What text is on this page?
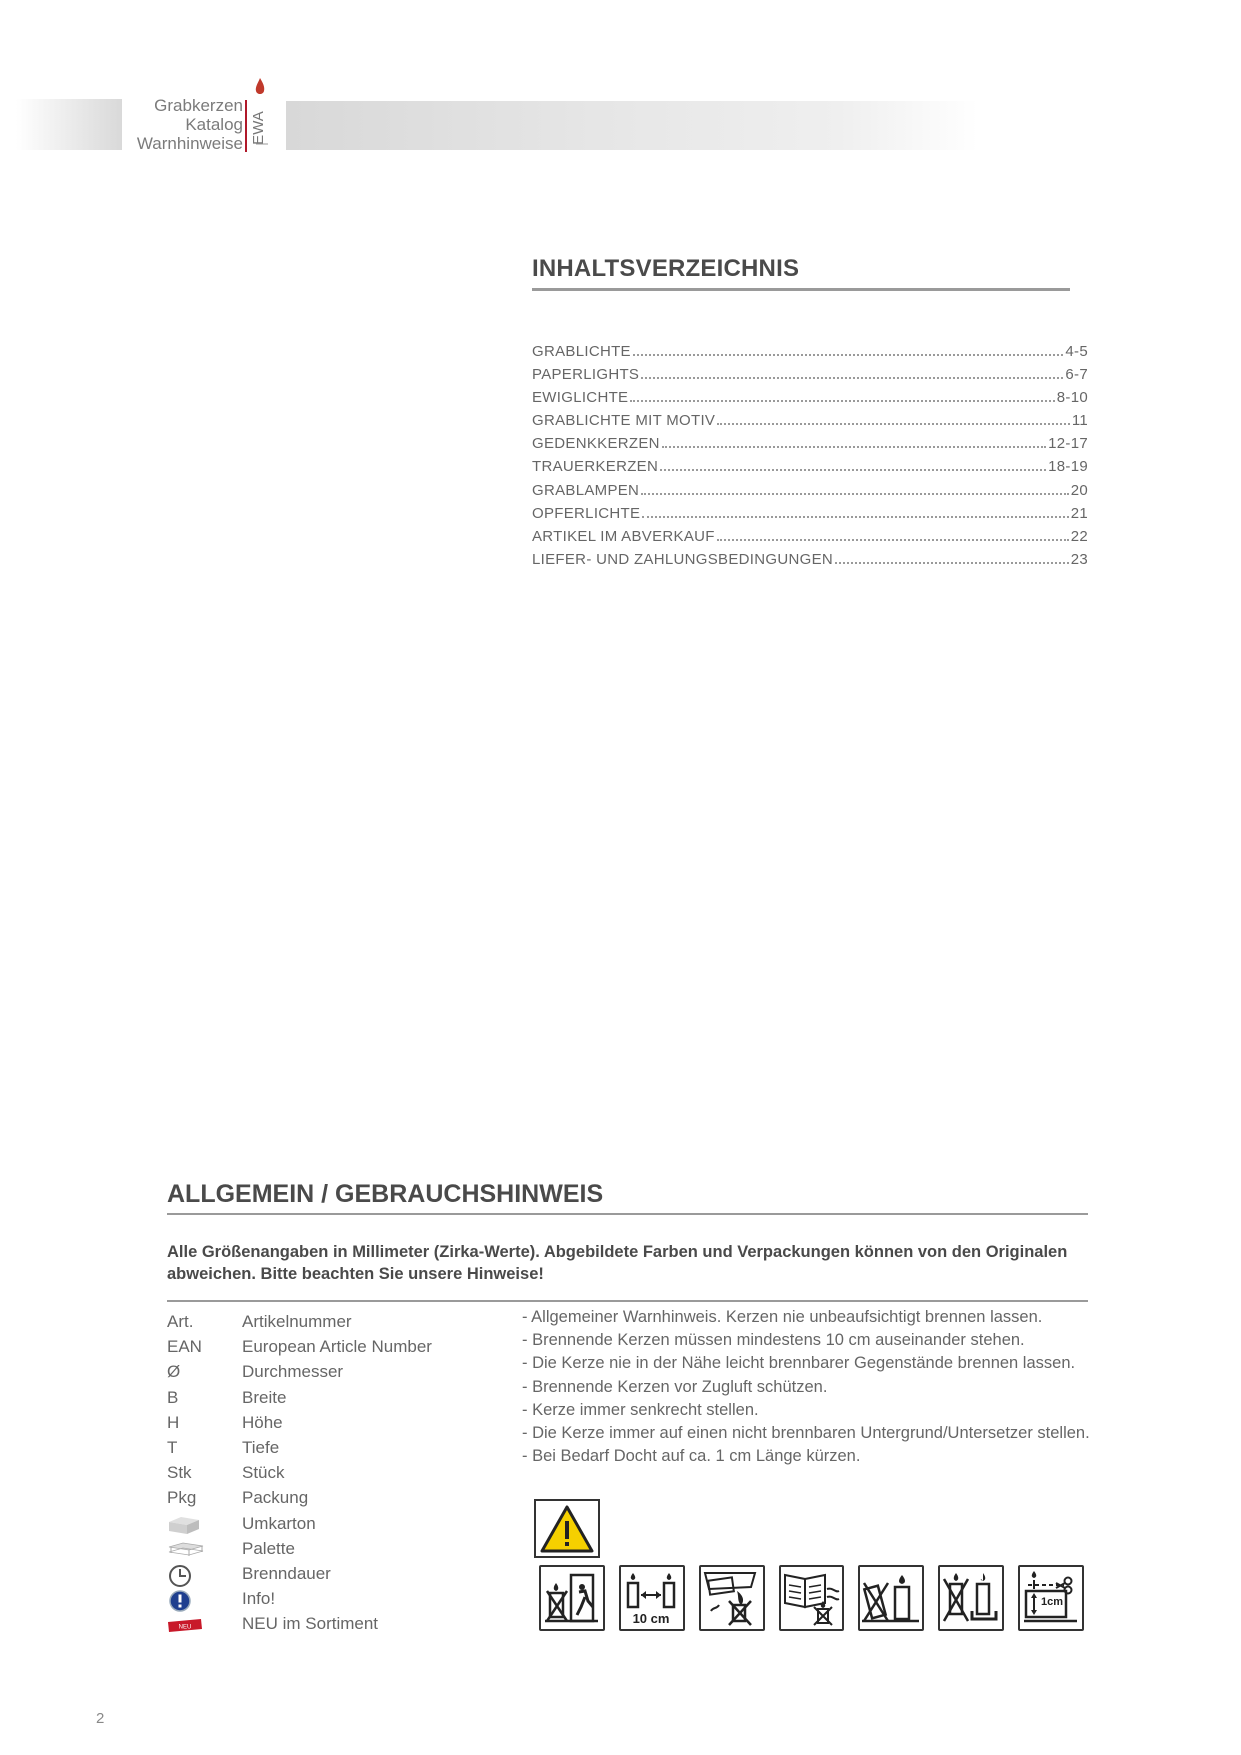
Grabkerzen
Katalog
Warnhinweise EWA
INHALTSVERZEICHNIS
GRABLICHTE	4-5
PAPERLIGHTS	6-7
EWIGLICHTE	8-10
GRABLICHTE MIT MOTIV	11
GEDENKKERZEN	12-17
TRAUERKERZEN	18-19
GRABLAMPEN	20
OPFERLICHTE	21
ARTIKEL IM ABVERKAUF	22
LIEFER- UND ZAHLUNGSBEDINGUNGEN	23
ALLGEMEIN / GEBRAUCHSHINWEIS
Alle Größenangaben in Millimeter (Zirka-Werte). Abgebildete Farben und Verpackungen können von den Originalen abweichen. Bitte beachten Sie unsere Hinweise!
Art.	Artikelnummer
EAN European Article Number
Ø	Durchmesser
B	Breite
H	Höhe
T	Tiefe
Stk	Stück
Pkg	Packung
Umkarton
Palette
Brenndauer
Info!
NEU	NEU im Sortiment
- Allgemeiner Warnhinweis. Kerzen nie unbeaufsichtigt brennen lassen.
- Brennende Kerzen müssen mindestens 10 cm auseinander stehen.
- Die Kerze nie in der Nähe leicht brennbarer Gegenstände brennen lassen.
- Brennende Kerzen vor Zugluft schützen.
- Kerze immer senkrecht stellen.
- Die Kerze immer auf einen nicht brennbaren Untergrund/Untersetzer stellen.
- Bei Bedarf Docht auf ca. 1 cm Länge kürzen.
10 cm
1cm
2
